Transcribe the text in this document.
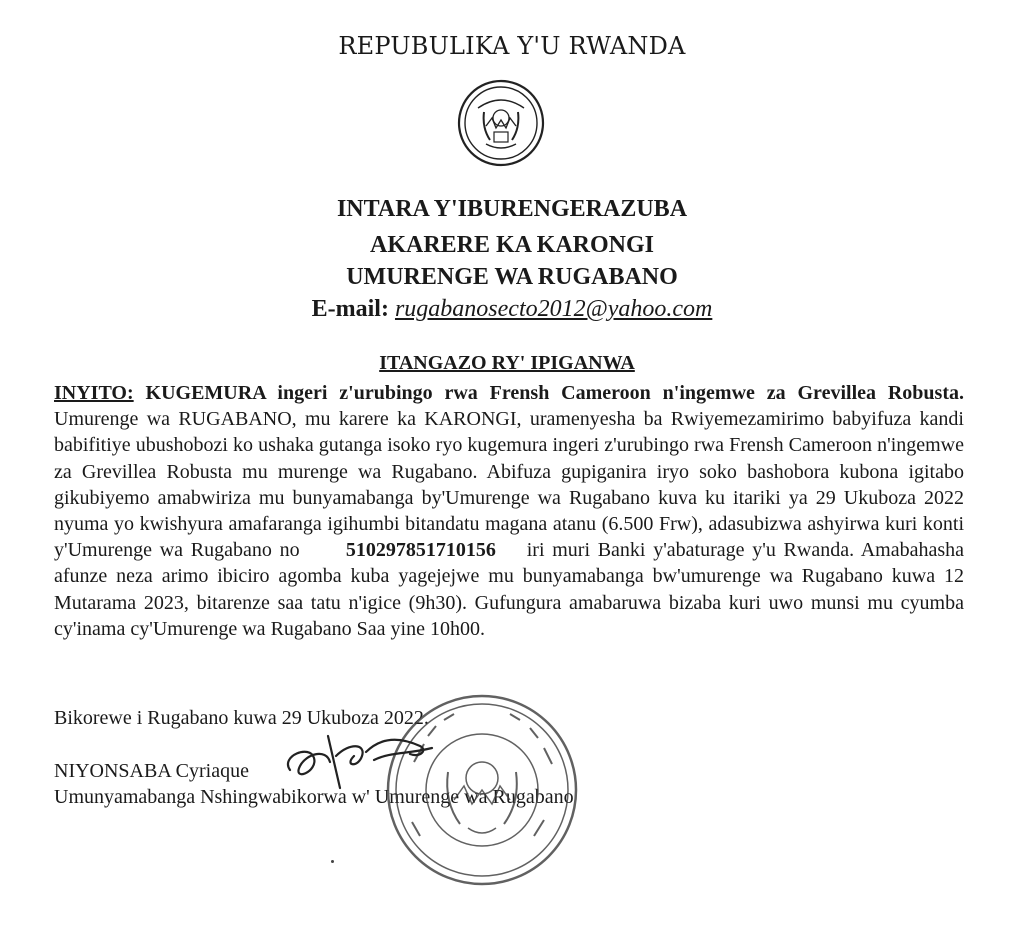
REPUBULIKA Y'U RWANDA
INTARA Y'IBURENGERAZUBA
AKARERE KA KARONGI
UMURENGE WA RUGABANO
E-mail: rugabanosecto2012@yahoo.com
ITANGAZO RY' IPIGANWA
INYITO: KUGEMURA ingeri z'urubingo rwa Frensh Cameroon n'ingemwe za Grevillea Robusta. Umurenge wa RUGABANO, mu karere ka KARONGI, uramenyesha ba Rwiyemezamirimo babyifuza kandi babifitiye ubushobozi ko ushaka gutanga isoko ryo kugemura ingeri z'urubingo rwa Frensh Cameroon n'ingemwe za Grevillea Robusta mu murenge wa Rugabano. Abifuza gupiganira iryo soko bashobora kubona igitabo gikubiyemo amabwiriza mu bunyamabanga by'Umurenge wa Rugabano kuva ku itariki ya 29 Ukuboza 2022 nyuma yo kwishyura amafaranga igihumbi bitandatu magana atanu (6.500 Frw), adasubizwa ashyirwa kuri konti y'Umurenge wa Rugabano no 510297851710156 iri muri Banki y'abaturage y'u Rwanda. Amabahasha afunze neza arimo ibiciro agomba kuba yagejejwe mu bunyamabanga bw'umurenge wa Rugabano kuwa 12 Mutarama 2023, bitarenze saa tatu n'igice (9h30). Gufungura amabaruwa bizaba kuri uwo munsi mu cyumba cy'inama cy'Umurenge wa Rugabano Saa yine 10h00.
Bikorewe i Rugabano kuwa 29 Ukuboza 2022.
NIYONSABA Cyriaque
Umunyamabanga Nshingwabikorwa w' Umurenge wa Rugabano
